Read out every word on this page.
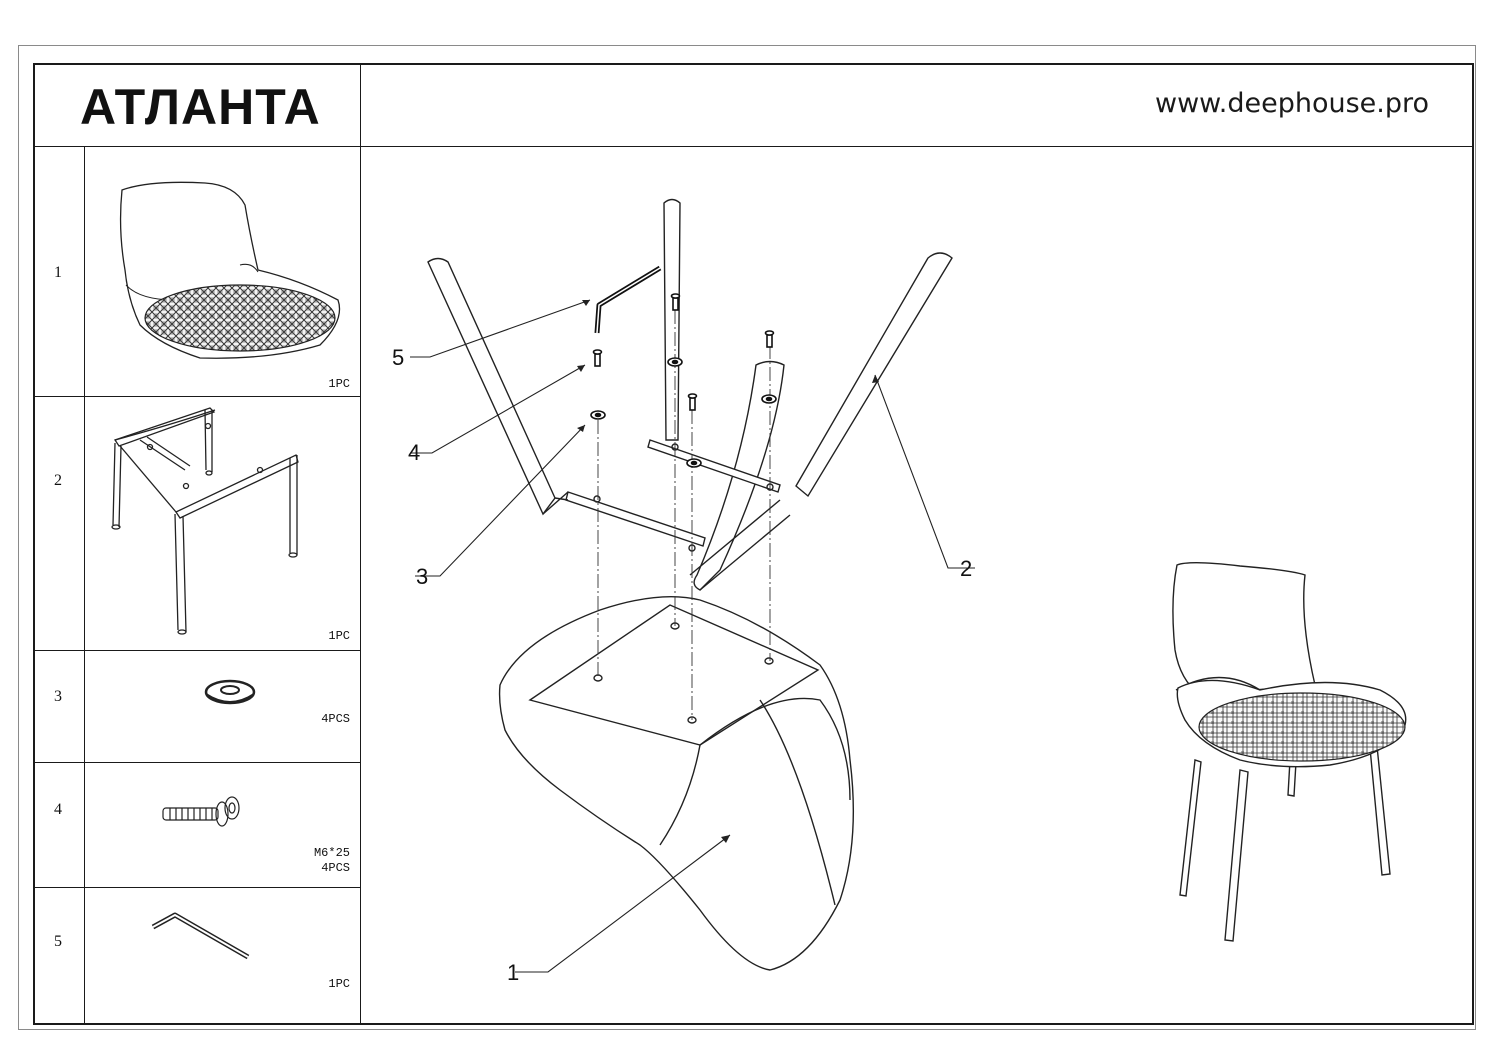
АТЛАНТА	www.deephouse.pro
1
2
3
4
5
1PC
1PC
4PCS
M6*25
4PCS
1PC
5
4
3	2
1
